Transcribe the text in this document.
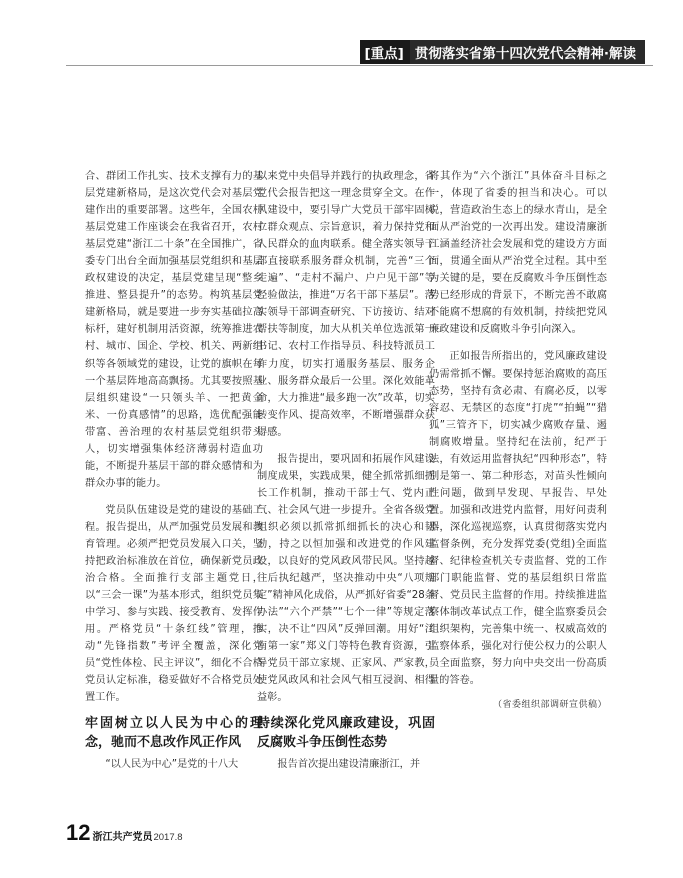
[重点] 贯彻落实省第十四次党代会精神·解读

合、群团工作扎实、技术支撑有力的基层党建新格局，是这次党代会对基层党建作出的重要部署。这些年，全国农村基层党建工作座谈会在我省召开，农村基层党建“浙江二十条”在全国推广，省委专门出台全面加强基层党组织和基层政权建设的决定，基层党建呈现“整乡推进、整县提升”的态势。构筑基层党建新格局，就是要进一步夯实基础拉高标杆，建好机制用活资源，统筹推进农村、城市、国企、学校、机关、两新组织等各领域党的建设，让党的旗帜在每一个基层阵地高高飘扬。尤其要按照基层组织建设“一只领头羊、一把黄金米、一份真感情”的思路，选优配强能带富、善治理的农村基层党组织带头人，切实增强集体经济薄弱村造血功能，不断提升基层干部的群众感情和为群众办事的能力。

党员队伍建设是党的建设的基础工程。报告提出，从严加强党员发展和教育管理。必须严把党员发展入口关，坚持把政治标准放在首位，确保新党员政治合格。全面推行支部主题党日，以“三会一课”为基本形式，组织党员集中学习、参与实践、接受教育、发挥作用。严格党员“十条红线”管理，推动“先锋指数”考评全覆盖，深化党员“党性体检、民主评议”，细化不合格党员认定标准，稳妥做好不合格党员处置工作。

牢固树立以人民为中心的理念，驰而不息改作风正作风

“以人民为中心”是党的十八大

以来党中央倡导并践行的执政理念，省党代会报告把这一理念贯穿全文。在作风建设中，要引导广大党员干部牢固树立群众观点、宗旨意识，着力保持党和人民群众的血肉联系。健全落实领导干部直接联系服务群众机制，完善“三个走遍”、“走村不漏户、户户见干部”等经验做法，推进“万名干部下基层”。落实领导干部调查研究、下访接访、结对帮扶等制度，加大从机关单位选派第一书记、农村工作指导员、科技特派员工作力度，切实打通服务基层、服务企业、服务群众最后一公里。深化效能革命，大力推进“最多跑一次”改革，切实转变作风、提高效率，不断增强群众获得感。

报告提出，要巩固和拓展作风建设制度成果，实践成果，健全抓常抓细抓长工作机制，推动干部士气、党内正气、社会风气进一步提升。全省各级党组织必须以抓常抓细抓长的决心和韧劲，持之以恒加强和改进党的作风建设，以良好的党风政风带民风。坚持越往后执纪越严，坚决推动中央“八项规定”精神风化成俗，从严抓好省委“28条办法”“六个严禁”“七个一律”等规定落实，决不让“四风”反弹回潮。用好“江南第一家”郑义门等特色教育资源，引导党员干部立家规、正家风、严家教，使党风政风和社会风气相互浸润、相得益彰。

持续深化党风廉政建设，巩固反腐败斗争压倒性态势

报告首次提出建设清廉浙江，并

将其作为“六个浙江”具体奋斗目标之一，体现了省委的担当和决心。可以说，营造政治生态上的绿水青山，是全面从严治党的一次再出发。建设清廉浙江涵盖经济社会发展和党的建设方方面面，贯通全面从严治党全过程。其中至为关键的是，要在反腐败斗争压倒性态势已经形成的背景下，不断完善不敢腐不能腐不想腐的有效机制，持续把党风廉政建设和反腐败斗争引向深入。

正如报告所指出的，党风廉政建设仍需常抓不懈。要保持惩治腐败的高压态势，坚持有贪必肃、有腐必反，以零容忍、无禁区的态度“打虎”“拍蝇”“猎狐”三管齐下，切实减少腐败存量、遏制腐败增量。坚持纪在法前，纪严于法，有效运用监督执纪“四种形态”，特别是第一、第二种形态，对苗头性倾向性问题，做到早发现、早报告、早处置。加强和改进党内监督，用好问责利器，深化巡视巡察，认真贯彻落实党内监督条例，充分发挥党委(党组)全面监督、纪律检查机关专责监督、党的工作部门职能监督、党的基层组织日常监督、党员民主监督的作用。持续推进监察体制改革试点工作，健全监察委员会组织架构，完善集中统一、权威高效的监察体系，强化对行使公权力的公职人员全面监察，努力向中央交出一份高质量的答卷。

（省委组织部调研宣供稿）
12 浙江共产党员 2017.8
